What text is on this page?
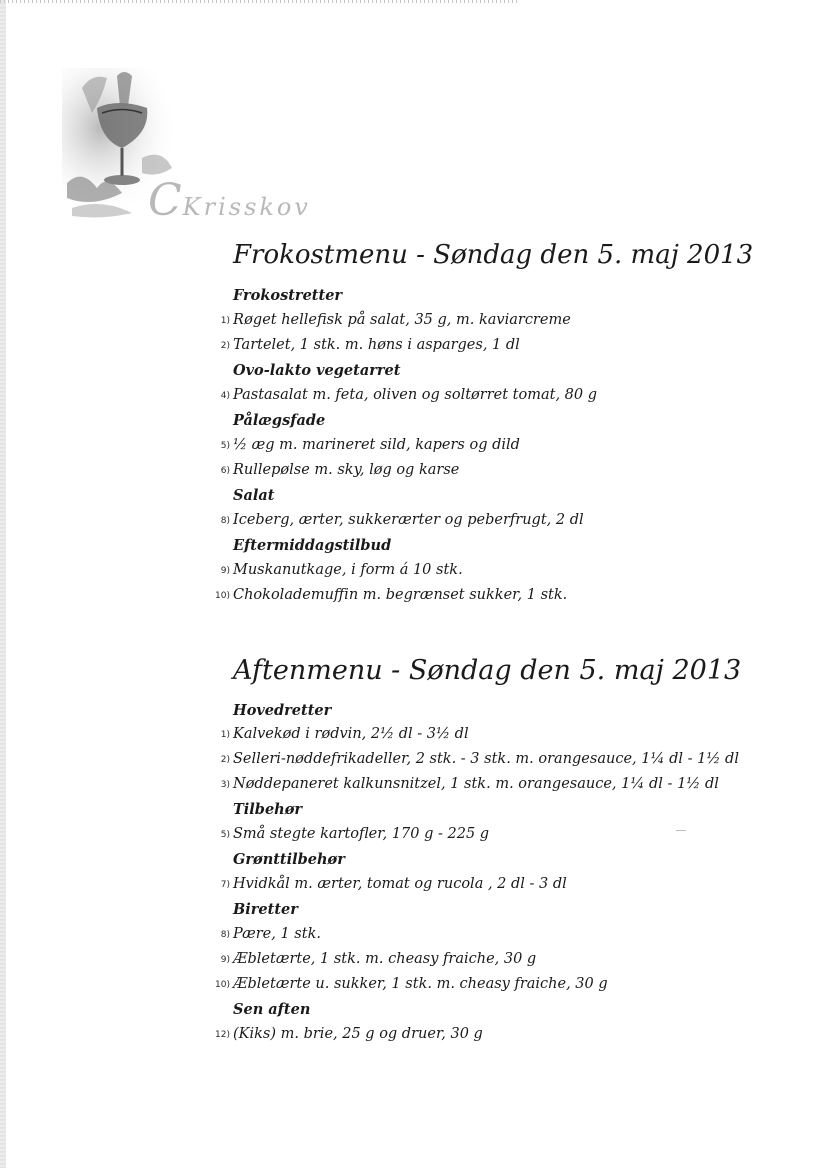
CKrisskov
Frokostmenu - Søndag den 5. maj 2013
Frokostretter
1) Røget hellefisk på salat, 35 g, m. kaviarcreme
2) Tartelet, 1 stk. m. høns i asparges, 1 dl
Ovo-lakto vegetarret
4) Pastasalat m. feta, oliven og soltørret tomat, 80 g
Pålægsfade
5) ½ æg m. marineret sild, kapers og dild
6) Rullepølse m. sky, løg og karse
Salat
8) Iceberg, ærter, sukkerærter og peberfrugt, 2 dl
Eftermiddagstilbud
9) Muskanutkage, i form á 10 stk.
10) Chokolademuffin m. begrænset sukker, 1 stk.
Aftenmenu - Søndag den 5. maj 2013
Hovedretter
1) Kalvekød i rødvin, 2½ dl - 3½ dl
2) Selleri-nøddefrikadeller, 2 stk. - 3 stk. m. orangesauce, 1¼ dl - 1½ dl
3) Nøddepaneret kalkunsnitzel, 1 stk. m. orangesauce, 1¼ dl - 1½ dl
Tilbehør
5) Små stegte kartofler, 170 g - 225 g
Grønttilbehør
7) Hvidkål m. ærter, tomat og rucola , 2 dl - 3 dl
Biretter
8) Pære, 1 stk.
9) Æbletærte, 1 stk. m. cheasy fraiche, 30 g
10) Æbletærte u. sukker, 1 stk. m. cheasy fraiche, 30 g
Sen aften
12) (Kiks) m. brie, 25 g og druer, 30 g
